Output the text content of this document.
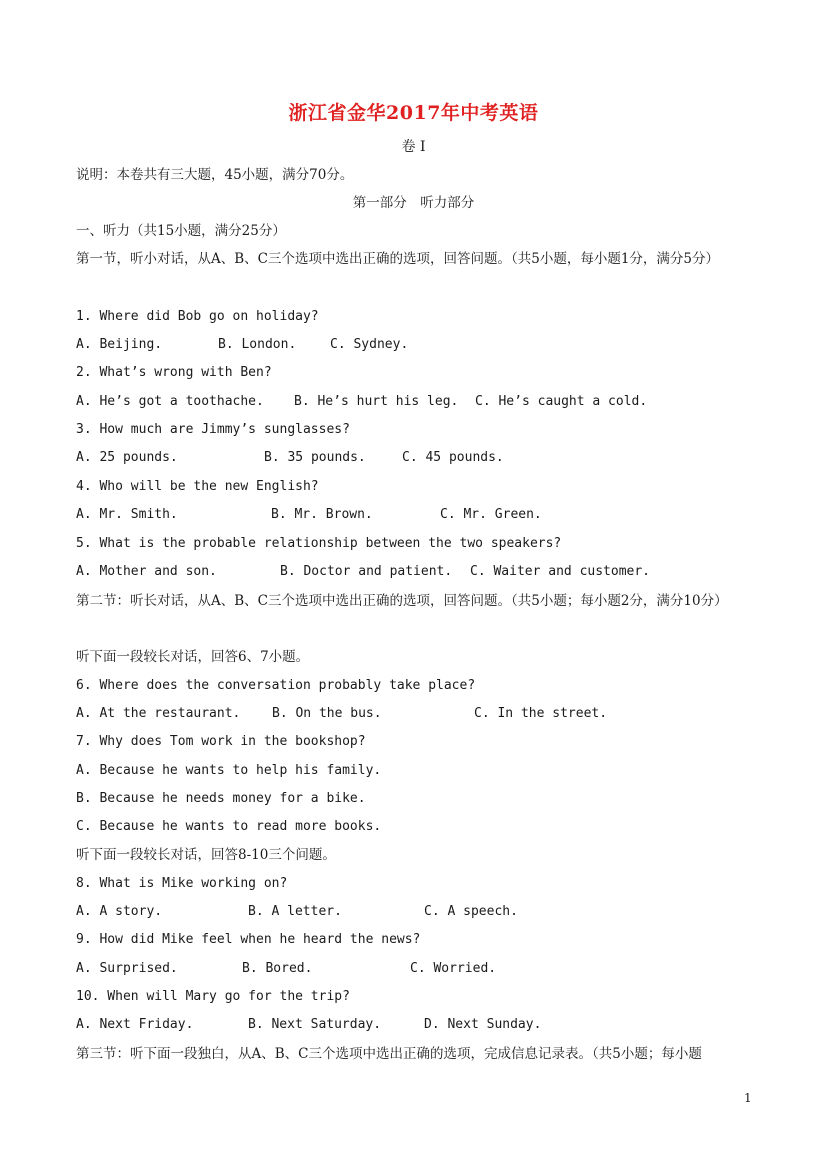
浙江省金华2017年中考英语
卷 I
说明：本卷共有三大题，45小题，满分70分。
第一部分　听力部分
一、听力（共15小题，满分25分）
第一节，听小对话，从A、B、C三个选项中选出正确的选项，回答问题。（共5小题，每小题1分，满分5分）
1. Where did Bob go on holiday?
A. Beijing.	B. London.	C. Sydney.
2. What’s wrong with Ben?
A. He’s got a toothache. B. He’s hurt his leg. C. He’s caught a cold.
3. How much are Jimmy’s sunglasses?
A. 25 pounds.	B. 35 pounds.	C. 45 pounds.
4. Who will be the new English?
A. Mr. Smith.	B. Mr. Brown.	C. Mr. Green.
5. What is the probable relationship between the two speakers?
A. Mother and son.	B. Doctor and patient. C. Waiter and customer.
第二节：听长对话，从A、B、C三个选项中选出正确的选项，回答问题。（共5小题；每小题2分，满分10分）
听下面一段较长对话，回答6、7小题。
6. Where does the conversation probably take place?
A. At the restaurant. B. On the bus.	C. In the street.
7. Why does Tom work in the bookshop?
A. Because he wants to help his family.
B. Because he needs money for a bike.
C. Because he wants to read more books.
听下面一段较长对话，回答8-10三个问题。
8. What is Mike working on?
A. A story.	B. A letter.	C. A speech.
9. How did Mike feel when he heard the news?
A. Surprised.	B. Bored.	C. Worried.
10. When will Mary go for the trip?
A. Next Friday.	B. Next Saturday.	D. Next Sunday.
第三节：听下面一段独白，从A、B、C三个选项中选出正确的选项，完成信息记录表。（共5小题；每小题
1
